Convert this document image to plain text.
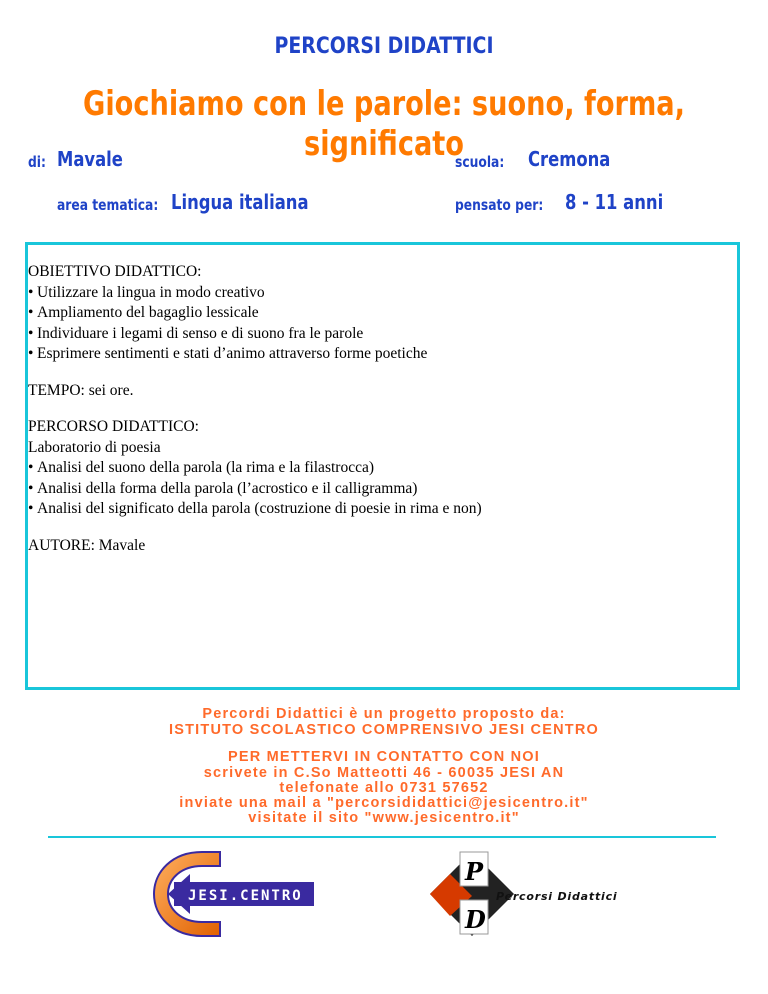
PERCORSI DIDATTICI
Giochiamo con le parole: suono, forma, significato
di: Mavale	scuola: Cremona
area tematica: Lingua italiana	pensato per: 8 - 11 anni

OBIETTIVO DIDATTICO:

• Utilizzare la lingua in modo creativo

• Ampliamento del bagaglio lessicale

• Individuare i legami di senso e di suono fra le parole

• Esprimere sentimenti e stati d’animo attraverso forme poetiche

TEMPO: sei ore.

PERCORSO DIDATTICO:

Laboratorio di poesia

• Analisi del suono della parola (la rima e la filastrocca)

• Analisi della forma della parola (l’acrostico e il calligramma)

• Analisi del significato della parola (costruzione di poesie in rima e non)

AUTORE: Mavale

Percordi Didattici è un progetto proposto da:
ISTITUTO SCOLASTICO COMPRENSIVO JESI CENTRO
PER METTERVI IN CONTATTO CON NOI
scrivete in C.So Matteotti 46 - 60035 JESI AN
telefonate allo 0731 57652
inviate una mail a "percorsididattici@jesicentro.it"
visitate il sito "www.jesicentro.it"
JESI.CENTRO
P
D
Percorsi Didattici
